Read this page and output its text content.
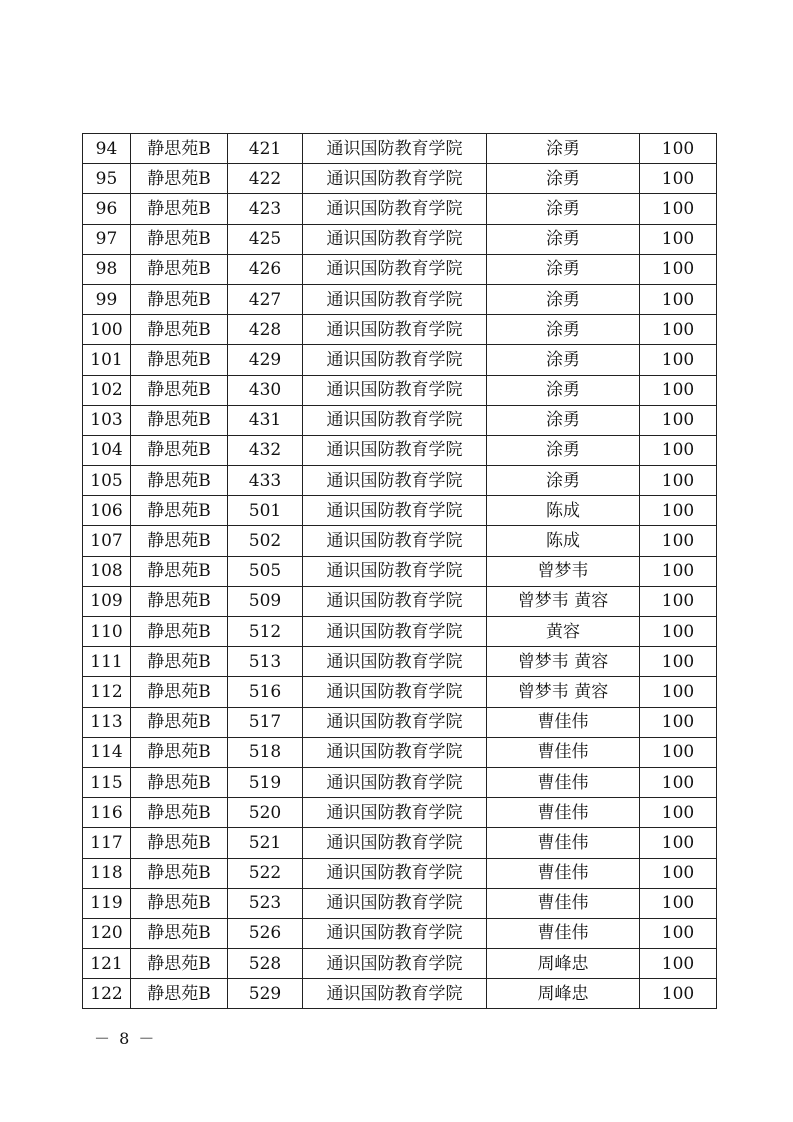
94	静思苑B	421	通识国防教育学院	涂勇	100
95	静思苑B	422	通识国防教育学院	涂勇	100
96	静思苑B	423	通识国防教育学院	涂勇	100
97	静思苑B	425	通识国防教育学院	涂勇	100
98	静思苑B	426	通识国防教育学院	涂勇	100
99	静思苑B	427	通识国防教育学院	涂勇	100
100	静思苑B	428	通识国防教育学院	涂勇	100
101	静思苑B	429	通识国防教育学院	涂勇	100
102	静思苑B	430	通识国防教育学院	涂勇	100
103	静思苑B	431	通识国防教育学院	涂勇	100
104	静思苑B	432	通识国防教育学院	涂勇	100
105	静思苑B	433	通识国防教育学院	涂勇	100
106	静思苑B	501	通识国防教育学院	陈成	100
107	静思苑B	502	通识国防教育学院	陈成	100
108	静思苑B	505	通识国防教育学院	曾梦韦	100
109	静思苑B	509	通识国防教育学院	曾梦韦 黄容	100
110	静思苑B	512	通识国防教育学院	黄容	100
111	静思苑B	513	通识国防教育学院	曾梦韦 黄容	100
112	静思苑B	516	通识国防教育学院	曾梦韦 黄容	100
113	静思苑B	517	通识国防教育学院	曹佳伟	100
114	静思苑B	518	通识国防教育学院	曹佳伟	100
115	静思苑B	519	通识国防教育学院	曹佳伟	100
116	静思苑B	520	通识国防教育学院	曹佳伟	100
117	静思苑B	521	通识国防教育学院	曹佳伟	100
118	静思苑B	522	通识国防教育学院	曹佳伟	100
119	静思苑B	523	通识国防教育学院	曹佳伟	100
120	静思苑B	526	通识国防教育学院	曹佳伟	100
121	静思苑B	528	通识国防教育学院	周峰忠	100
122	静思苑B	529	通识国防教育学院	周峰忠	100
－ 8 －
